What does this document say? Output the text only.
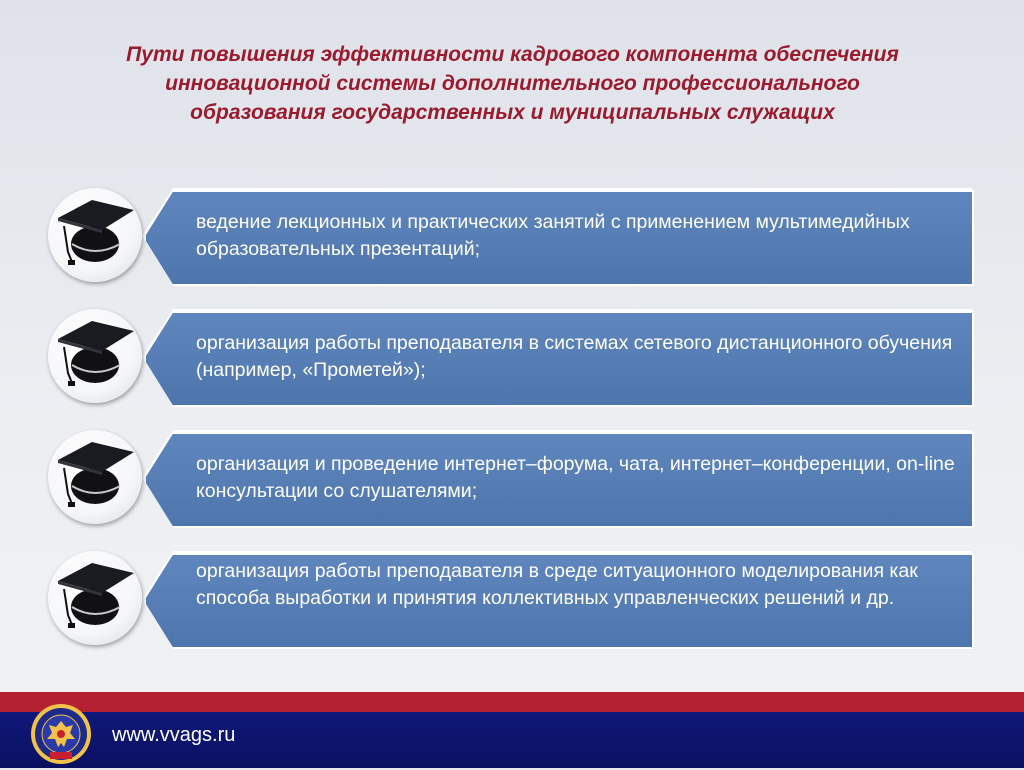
Пути повышения эффективности кадрового компонента обеспечения инновационной системы дополнительного профессионального образования государственных и муниципальных служащих
ведение лекционных и практических занятий с применением мультимедийных образовательных презентаций;
организация работы преподавателя в системах сетевого дистанционного обучения (например, «Прометей»);
организация и проведение интернет–форума, чата, интернет–конференции, on-line консультации со слушателями;
организация работы преподавателя в среде ситуационного моделирования как способа выработки и принятия коллективных управленческих решений и др.
www.vvags.ru
